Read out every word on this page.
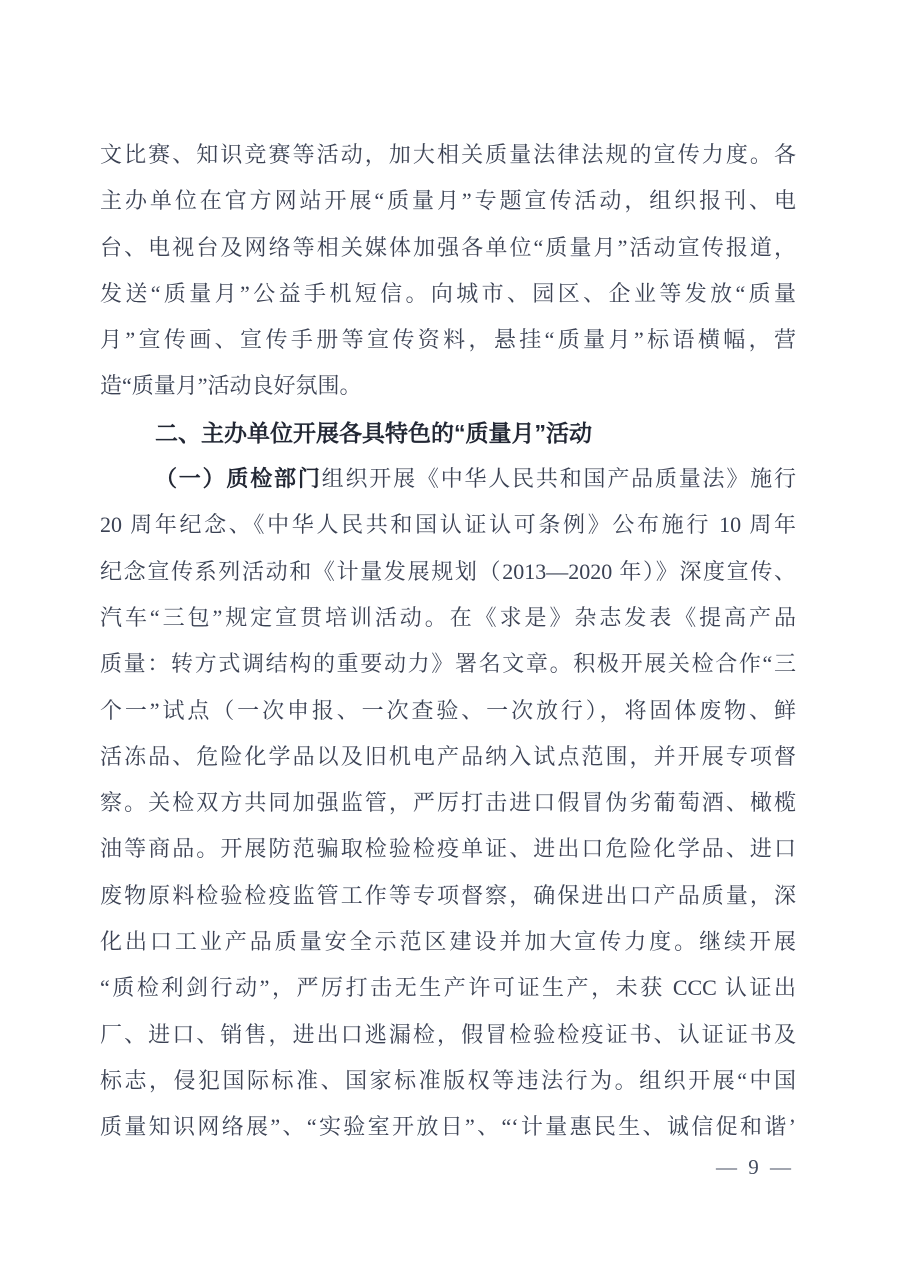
文比赛、知识竞赛等活动，加大相关质量法律法规的宣传力度。各
主办单位在官方网站开展“质量月”专题宣传活动，组织报刊、电
台、电视台及网络等相关媒体加强各单位“质量月”活动宣传报道，
发送“质量月”公益手机短信。向城市、园区、企业等发放“质量
月”宣传画、宣传手册等宣传资料，悬挂“质量月”标语横幅，营
造“质量月”活动良好氛围。
二、主办单位开展各具特色的“质量月”活动
（一）质检部门组织开展《中华人民共和国产品质量法》施行
20 周年纪念、《中华人民共和国认证认可条例》公布施行 10 周年
纪念宣传系列活动和《计量发展规划（2013—2020 年）》深度宣传、
汽车“三包”规定宣贯培训活动。在《求是》杂志发表《提高产品
质量：转方式调结构的重要动力》署名文章。积极开展关检合作“三
个一”试点（一次申报、一次查验、一次放行），将固体废物、鲜
活冻品、危险化学品以及旧机电产品纳入试点范围，并开展专项督
察。关检双方共同加强监管，严厉打击进口假冒伪劣葡萄酒、橄榄
油等商品。开展防范骗取检验检疫单证、进出口危险化学品、进口
废物原料检验检疫监管工作等专项督察，确保进出口产品质量，深
化出口工业产品质量安全示范区建设并加大宣传力度。继续开展
“质检利剑行动”，严厉打击无生产许可证生产，未获 CCC 认证出
厂、进口、销售，进出口逃漏检，假冒检验检疫证书、认证证书及
标志，侵犯国际标准、国家标准版权等违法行为。组织开展“中国
质量知识网络展”、“实验室开放日”、“‘计量惠民生、诚信促和谐’
— 9 —
